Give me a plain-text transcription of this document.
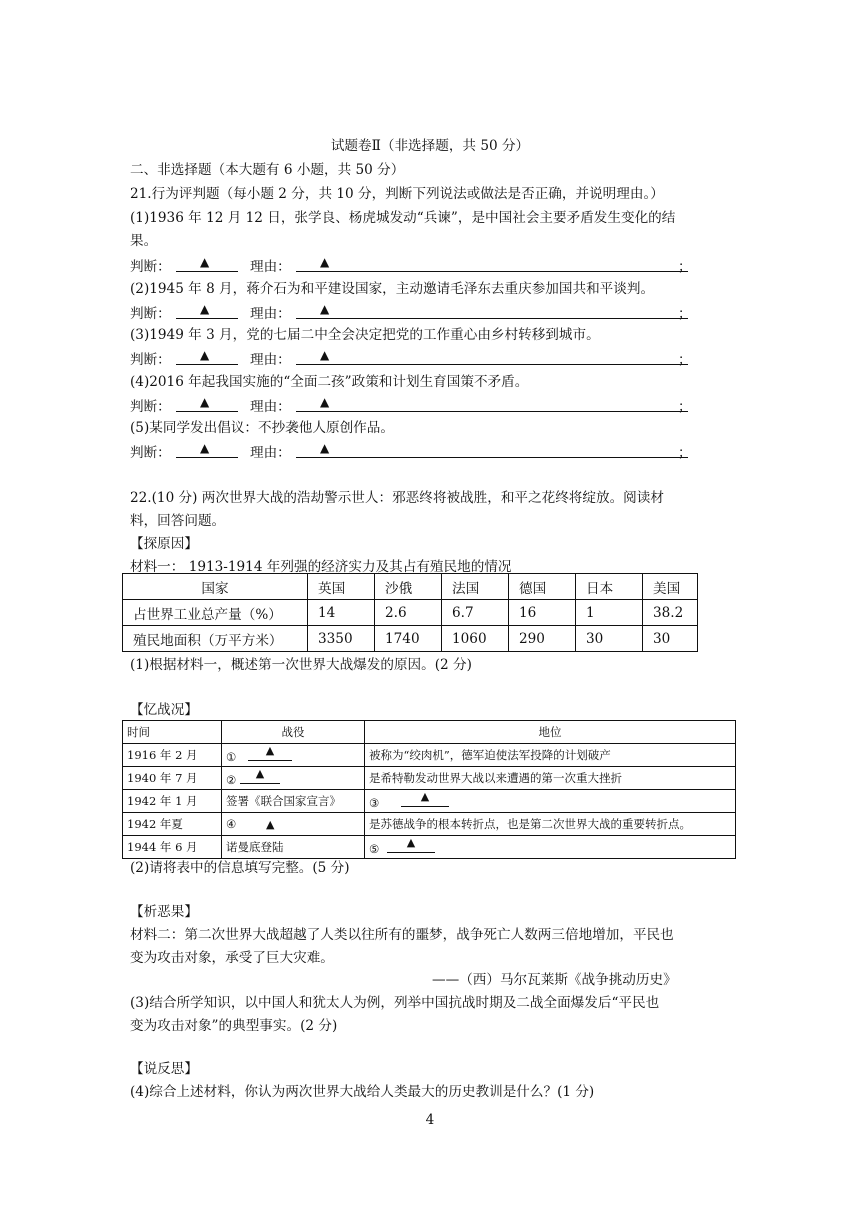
试题卷Ⅱ（非选择题，共 50 分）
二、非选择题（本大题有 6 小题，共 50 分）
21.行为评判题（每小题 2 分，共 10 分，判断下列说法或做法是否正确，并说明理由。）
(1)1936 年 12 月 12 日，张学良、杨虎城发动“兵谏”，是中国社会主要矛盾发生变化的结
果。
判断： ▲	理由： ▲	；
(2)1945 年 8 月，蒋介石为和平建设国家，主动邀请毛泽东去重庆参加国共和平谈判。
判断： ▲	理由： ▲	；
(3)1949 年 3 月，党的七届二中全会决定把党的工作重心由乡村转移到城市。
判断： ▲	理由： ▲	；
(4)2016 年起我国实施的“全面二孩”政策和计划生育国策不矛盾。
判断： ▲	理由： ▲	；
(5)某同学发出倡议：不抄袭他人原创作品。
判断： ▲	理由： ▲	；
22.(10 分) 两次世界大战的浩劫警示世人：邪恶终将被战胜，和平之花终将绽放。阅读材
料，回答问题。
【探原因】
材料一： 1913-1914 年列强的经济实力及其占有殖民地的情况
国家	英国	沙俄	法国	德国	日本	美国
占世界工业总产量（%）	14	2.6	6.7	16	1	38.2
殖民地面积（万平方米）	3350	1740	1060	290	30	30
(1)根据材料一，概述第一次世界大战爆发的原因。(2 分)
【忆战况】
时间	战役	地位
1916 年 2 月	① ▲	被称为“绞肉机”，德军迫使法军投降的计划破产
1940 年 7 月	② ▲	是希特勒发动世界大战以来遭遇的第一次重大挫折
1942 年 1 月	签署《联合国家宣言》	③ ▲

1942 年夏	④ ▲	是苏德战争的根本转折点，也是第二次世界大战的重要转折点。
1944 年 6 月	诺曼底登陆	⑤ ▲
(2)请将表中的信息填写完整。(5 分)
【析恶果】
材料二：第二次世界大战超越了人类以往所有的噩梦，战争死亡人数两三倍地增加，平民也
变为攻击对象，承受了巨大灾难。
——（西）马尔瓦莱斯《战争挑动历史》
(3)结合所学知识，以中国人和犹太人为例，列举中国抗战时期及二战全面爆发后“平民也
变为攻击对象”的典型事实。(2 分)
【说反思】
(4)综合上述材料，你认为两次世界大战给人类最大的历史教训是什么？(1 分)
4
